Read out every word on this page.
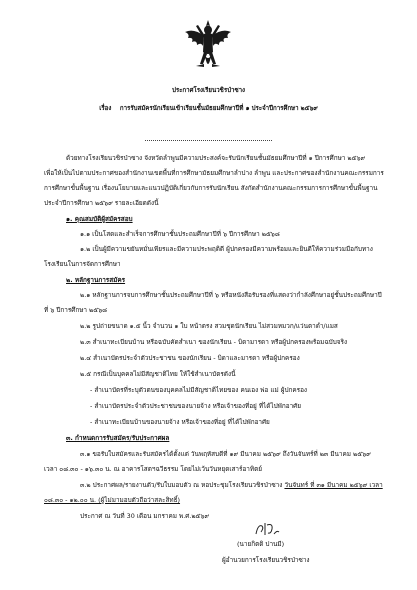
ประกาศโรงเรียนวชิรป่าซาง
เรื่อง การรับสมัครนักเรียนเข้าเรียนชั้นมัธยมศึกษาปีที่ ๑ ประจำปีการศึกษา ๒๕๖๙
ด้วยทางโรงเรียนวชิรป่าซาง จังหวัดลำพูนมีความประสงค์จะรับนักเรียนชั้นมัธยมศึกษาปีที่ ๑ ปีการศึกษา ๒๕๖๙
เพื่อให้เป็นไปตามประกาศของสำนักงานเขตพื้นที่การศึกษามัธยมศึกษาลำปาง ลำพูน และประกาศของสำนักงานคณะกรรมการ
การศึกษาขั้นพื้นฐาน เรื่องนโยบายและแนวปฏิบัติเกี่ยวกับการรับนักเรียน สังกัดสำนักงานคณะกรรมการการศึกษาขั้นพื้นฐาน
ประจำปีการศึกษา ๒๕๖๙ รายละเอียดดังนี้
๑. คุณสมบัติผู้สมัครสอบ
๑.๑ เป็นโสดและสำเร็จการศึกษาชั้นประถมศึกษาปีที่ ๖ ปีการศึกษา ๒๕๖๘
๑.๒ เป็นผู้มีความขยันหมั่นเพียรและมีความประพฤติดี ผู้ปกครองมีความพร้อมและยินดีให้ความร่วมมือกับทาง
โรงเรียนในการจัดการศึกษา
๒. หลักฐานการสมัคร
๒.๑ หลักฐานการจบการศึกษาชั้นประถมศึกษาปีที่ ๖ หรือหนังสือรับรองที่แสดงว่ากำลังศึกษาอยู่ชั้นประถมศึกษาปี
ที่ ๖ ปีการศึกษา ๒๕๖๘
๒.๒ รูปถ่ายขนาด ๑.๕ นิ้ว จำนวน ๑ ใบ หน้าตรง สวมชุดนักเรียน ไม่สวมหมวก/แว่นตาดำ/แมส
๒.๓ สำเนาทะเบียนบ้าน หรือฉบับคัดสำเนา ของนักเรียน - บิดามารดา หรือผู้ปกครองพร้อมฉบับจริง
๒.๔ สำเนาบัตรประจำตัวประชาชน ของนักเรียน - บิดาและมารดา หรือผู้ปกครอง
๒.๕ กรณีเป็นบุคคลไม่มีสัญชาติไทย ให้ใช้สำเนาบัตรดังนี้
- สำเนาบัตรที่ระบุตัวตนของบุคคลไม่มีสัญชาติไทยของ คนเอง พ่อ แม่ ผู้ปกครอง
- สำเนาบัตรประจำตัวประชาชนของนายจ้าง หรือเจ้าของที่อยู่ ที่ได้ไปพักอาศัย
- สำเนาทะเบียนบ้านของนายจ้าง หรือเจ้าของที่อยู่ ที่ได้ไปพักอาศัย
๓. กำหนดการรับสมัคร/รับประกาศผล
๓.๑ ขอรับใบสมัครและรับสมัครได้ตั้งแต่ วันพฤหัสบดีที่ ๑๙ มีนาคม ๒๕๖๙ ถึงวันจันทร์ที่ ๒๓ มีนาคม ๒๕๖๙
เวลา ๐๘.๓๐ - ๑๖.๓๐ น. ณ อาคารโสตฯฉวีธรรม โดยไม่เว้นวันหยุดเสาร์อาทิตย์
๓.๒ ประกาศผล/รายงานตัว/รับใบมอบตัว ณ หอประชุมโรงเรียนวชิรป่าซาง วันจันทร์ ที่ ๓๑ มีนาคม ๒๕๖๙ เวลา
๐๘.๓๐ - ๑๒.๐๐ น. (ผู้ไม่มามอบตัวถือว่าสละสิทธิ์)
ประกาศ ณ วันที่ 30 เดือน มกราคม พ.ศ.๒๕๖๙
(นายกิตติ ปานมี)
ผู้อำนวยการโรงเรียนวชิรป่าซาง
